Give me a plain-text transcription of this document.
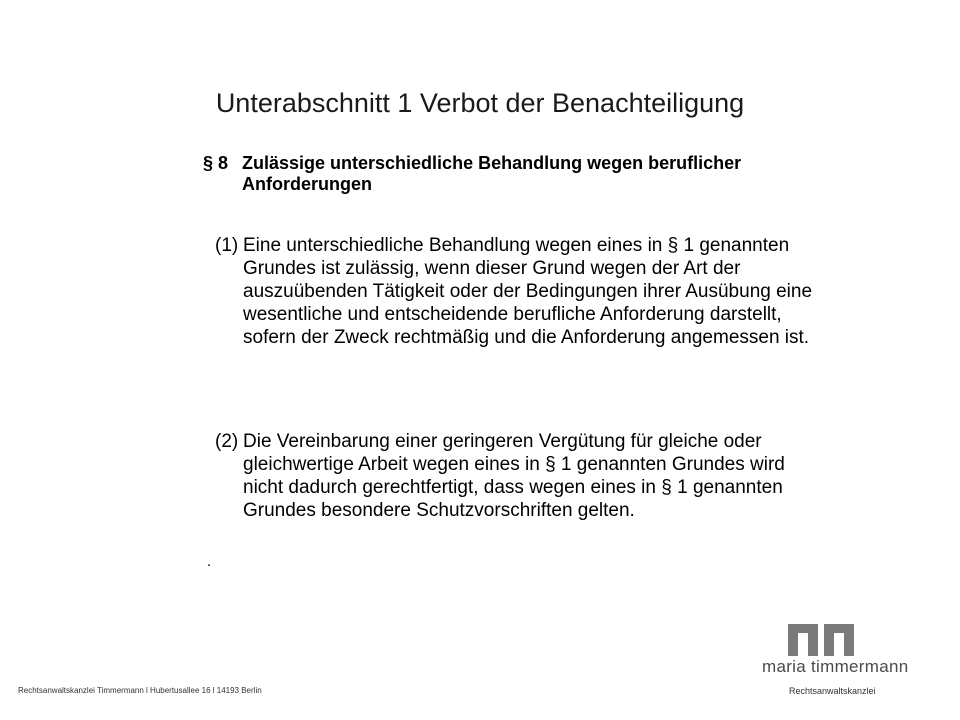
Unterabschnitt 1 Verbot der Benachteiligung
§ 8 Zulässige unterschiedliche Behandlung wegen beruflicher Anforderungen
(1) Eine unterschiedliche Behandlung wegen eines in § 1 genannten Grundes ist zulässig, wenn dieser Grund wegen der Art der auszuübenden Tätigkeit oder der Bedingungen ihrer Ausübung eine wesentliche und entscheidende berufliche Anforderung darstellt, sofern der Zweck rechtmäßig und die Anforderung angemessen ist.
(2) Die Vereinbarung einer geringeren Vergütung für gleiche oder gleichwertige Arbeit wegen eines in § 1 genannten Grundes wird nicht dadurch gerechtfertigt, dass wegen eines in § 1 genannten Grundes besondere Schutzvorschriften gelten.
.
Rechtsanwaltskanzlei Timmermann l Hubertusallee 16 l 14193 Berlin
maria timmermann
Rechtsanwaltskanzlei
